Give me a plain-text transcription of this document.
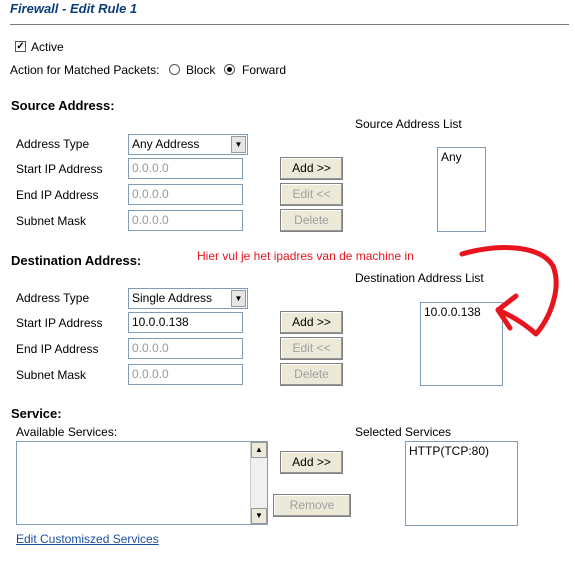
Firewall - Edit Rule 1
✓ Active
Action for Matched Packets: Block Forward
Source Address:
Source Address List
Address Type	Any Address	▼
Start IP Address	0.0.0.0
End IP Address	0.0.0.0
Subnet Mask	0.0.0.0
Add >>
Edit <<
Delete
Any
Destination Address:	Hier vul je het ipadres van de machine in
Destination Address List
Address Type	Single Address	▼
Start IP Address	10.0.0.138
End IP Address	0.0.0.0
Subnet Mask	0.0.0.0
Add >>
Edit <<
Delete
10.0.0.138
Service:
Available Services:	Selected Services
▲
▼
Add >>
Remove
HTTP(TCP:80)
Edit Customiszed Services
